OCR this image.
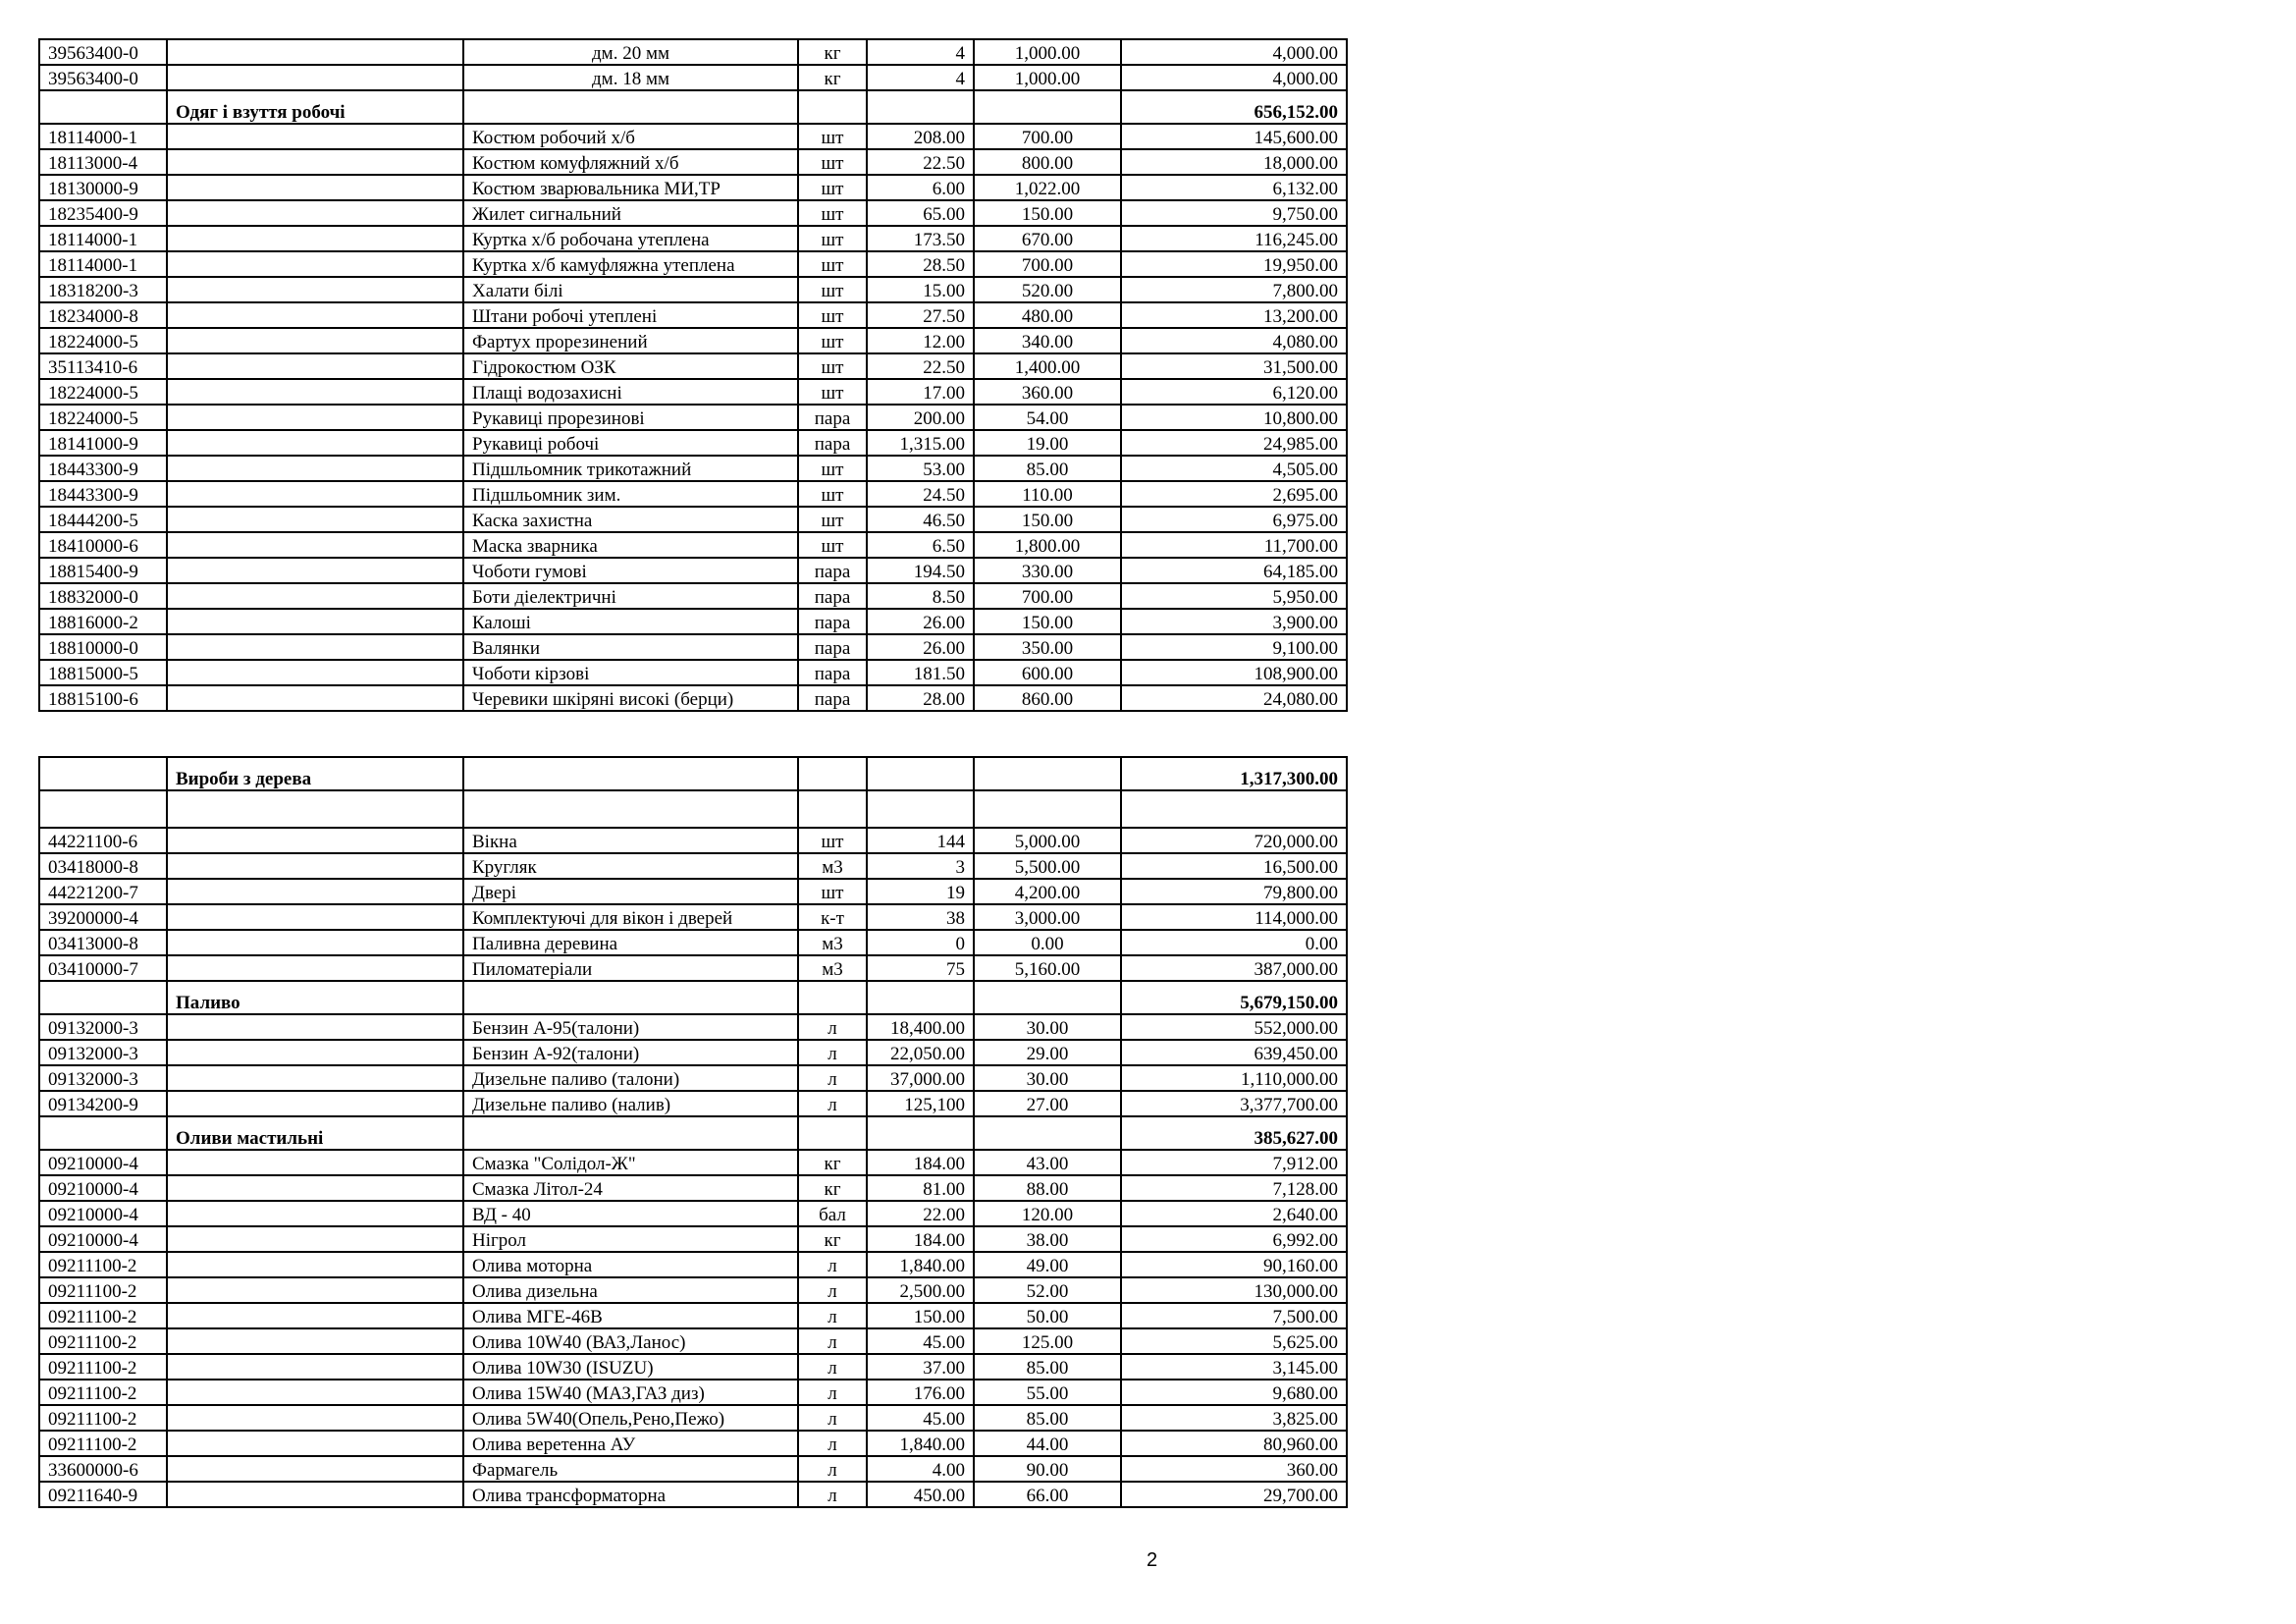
39563400-0		дм. 20 мм	кг	4	1,000.00	4,000.00
39563400-0		дм. 18 мм	кг	4	1,000.00	4,000.00
	Одяг і взуття робочі					656,152.00
18114000-1		Костюм робочий х/б	шт	208.00	700.00	145,600.00
18113000-4		Костюм комуфляжний х/б	шт	22.50	800.00	18,000.00
18130000-9		Костюм зварювальника МИ,ТР	шт	6.00	1,022.00	6,132.00
18235400-9		Жилет сигнальний	шт	65.00	150.00	9,750.00
18114000-1		Куртка х/б робочана утеплена	шт	173.50	670.00	116,245.00
18114000-1		Куртка х/б камуфляжна утеплена	шт	28.50	700.00	19,950.00
18318200-3		Халати білі	шт	15.00	520.00	7,800.00
18234000-8		Штани робочі утеплені	шт	27.50	480.00	13,200.00
18224000-5		Фартух прорезинений	шт	12.00	340.00	4,080.00
35113410-6		Гідрокостюм ОЗК	шт	22.50	1,400.00	31,500.00
18224000-5		Плащі водозахисні	шт	17.00	360.00	6,120.00
18224000-5		Рукавиці прорезинові	пара	200.00	54.00	10,800.00
18141000-9		Рукавиці робочі	пара	1,315.00	19.00	24,985.00
18443300-9		Підшльомник трикотажний	шт	53.00	85.00	4,505.00
18443300-9		Підшльомник зим.	шт	24.50	110.00	2,695.00
18444200-5		Каска захистна	шт	46.50	150.00	6,975.00
18410000-6		Маска зварника	шт	6.50	1,800.00	11,700.00
18815400-9		Чоботи гумові	пара	194.50	330.00	64,185.00
18832000-0		Боти діелектричні	пара	8.50	700.00	5,950.00
18816000-2		Калоші	пара	26.00	150.00	3,900.00
18810000-0		Валянки	пара	26.00	350.00	9,100.00
18815000-5		Чоботи кірзові	пара	181.50	600.00	108,900.00
18815100-6		Черевики шкіряні високі (берци)	пара	28.00	860.00	24,080.00
	Вироби з дерева					1,317,300.00

44221100-6		Вікна	шт	144	5,000.00	720,000.00
03418000-8		Кругляк	м3	3	5,500.00	16,500.00
44221200-7		Двері	шт	19	4,200.00	79,800.00
39200000-4		Комплектуючі для вікон і дверей	к-т	38	3,000.00	114,000.00
03413000-8		Паливна деревина	м3	0	0.00	0.00
03410000-7		Пиломатеріали	м3	75	5,160.00	387,000.00
	Паливо					5,679,150.00
09132000-3		Бензин А-95(талони)	л	18,400.00	30.00	552,000.00
09132000-3		Бензин А-92(талони)	л	22,050.00	29.00	639,450.00
09132000-3		Дизельне паливо (талони)	л	37,000.00	30.00	1,110,000.00
09134200-9		Дизельне паливо (налив)	л	125,100	27.00	3,377,700.00
	Оливи мастильні					385,627.00
09210000-4		Смазка "Солідол-Ж"	кг	184.00	43.00	7,912.00
09210000-4		Смазка Літол-24	кг	81.00	88.00	7,128.00
09210000-4		ВД - 40	бал	22.00	120.00	2,640.00
09210000-4		Нігрол	кг	184.00	38.00	6,992.00
09211100-2		Олива моторна	л	1,840.00	49.00	90,160.00
09211100-2		Олива дизельна	л	2,500.00	52.00	130,000.00
09211100-2		Олива МГЕ-46В	л	150.00	50.00	7,500.00
09211100-2		Олива 10W40 (ВАЗ,Ланос)	л	45.00	125.00	5,625.00
09211100-2		Олива 10W30 (ISUZU)	л	37.00	85.00	3,145.00
09211100-2		Олива 15W40 (МАЗ,ГАЗ диз)	л	176.00	55.00	9,680.00
09211100-2		Олива 5W40(Опель,Рено,Пежо)	л	45.00	85.00	3,825.00
09211100-2		Олива веретенна АУ	л	1,840.00	44.00	80,960.00
33600000-6		Фармагель	л	4.00	90.00	360.00
09211640-9		Олива трансформаторна	л	450.00	66.00	29,700.00
2
